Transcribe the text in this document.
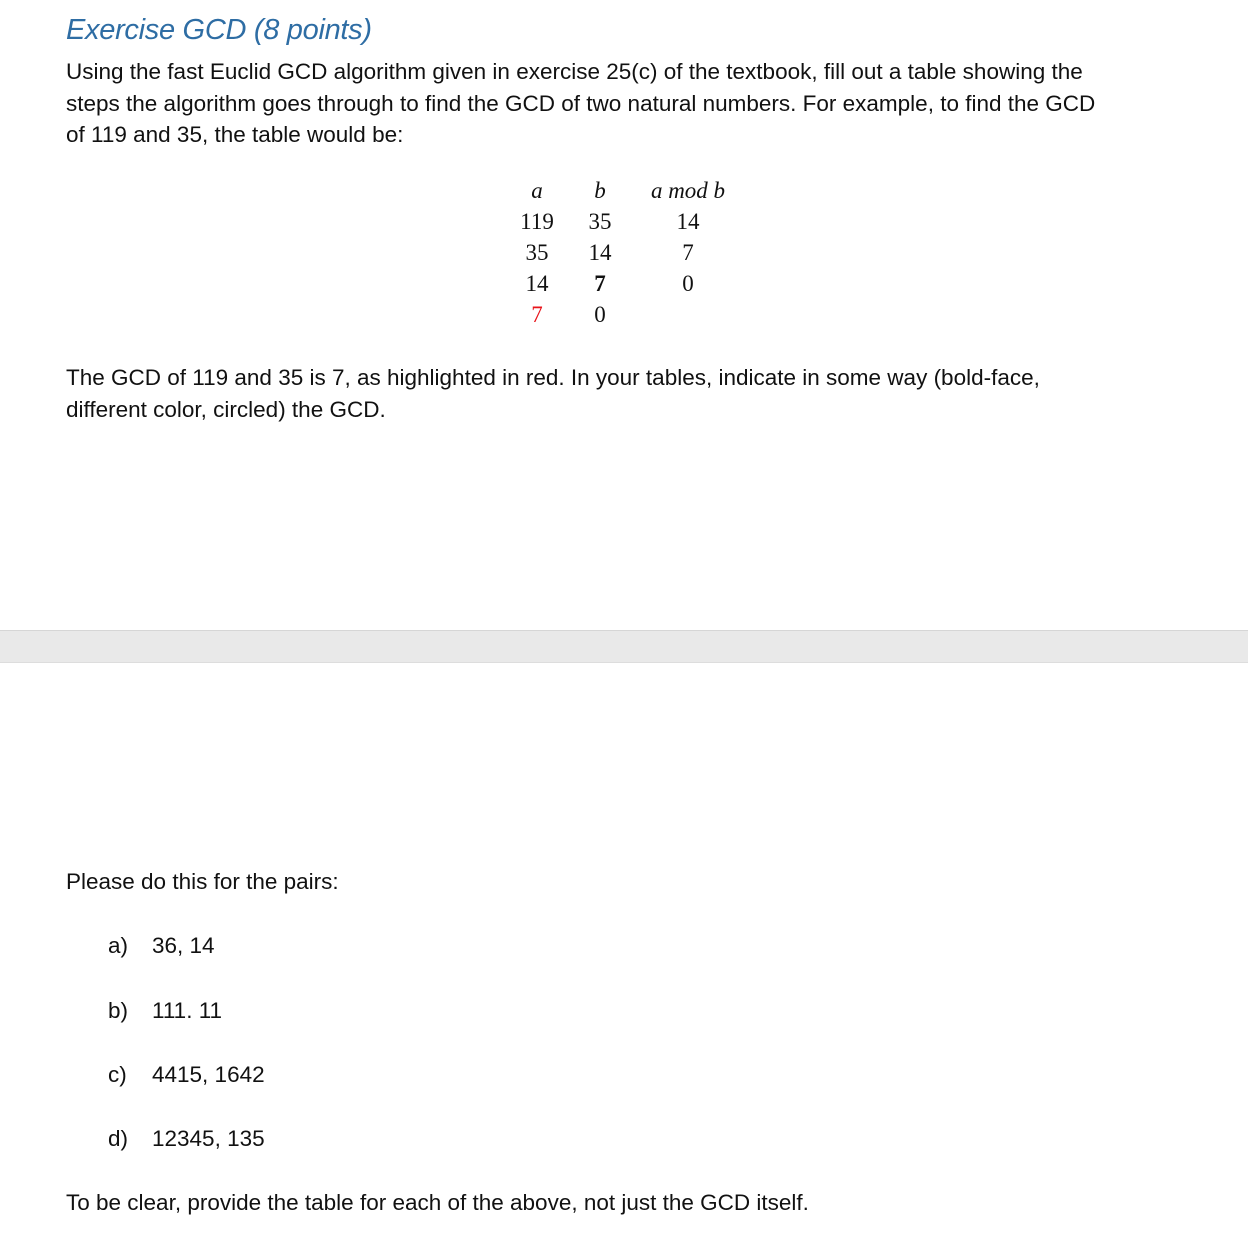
Exercise GCD (8 points)
Using the fast Euclid GCD algorithm given in exercise 25(c) of the textbook, fill out a table showing the
steps the algorithm goes through to find the GCD of two natural numbers. For example, to find the GCD
of 119 and 35, the table would be:
a	b	a mod b
119	35	14
35	14	7
14	7	0
7	0
The GCD of 119 and 35 is 7, as highlighted in red. In your tables, indicate in some way (bold-face,
different color, circled) the GCD.
Please do this for the pairs:
a) 36, 14
b) 111. 11
c) 4415, 1642
d) 12345, 135
To be clear, provide the table for each of the above, not just the GCD itself.
